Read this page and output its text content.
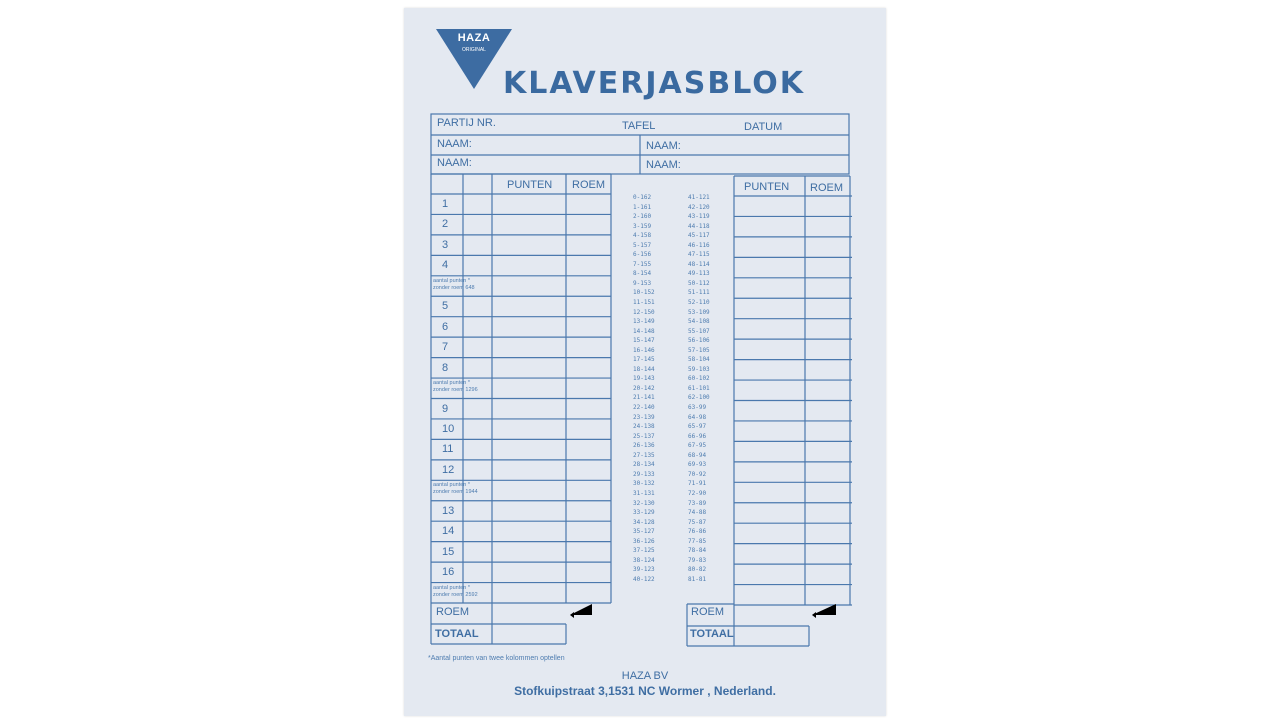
HAZA
ORIGINAL
KLAVERJASBLOK
PARTIJ NR.	TAFEL	DATUM
NAAM:	NAAM:
NAAM:	NAAM:
PUNTEN ROEM	PUNTEN ROEM
1
2
3
4
aantal punten *
zonder roem 648
5
6
7
8
aantal punten *
zonder roem 1296
9
10
11
12
aantal punten *
zonder roem 1944
13
14
15
16
aantal punten *
zonder roem 2592
0-162
1-161
2-160
3-159
4-158
5-157
6-156
7-155
8-154
9-153
10-152
11-151
12-150
13-149
14-148
15-147
16-146
17-145
18-144
19-143
20-142
21-141
22-140
23-139
24-138
25-137
26-136
27-135
28-134
29-133
30-132
31-131
32-130
33-129
34-128
35-127
36-126
37-125
38-124
39-123
40-122
41-121
42-120
43-119
44-118
45-117
46-116
47-115
48-114
49-113
50-112
51-111
52-110
53-109
54-108
55-107
56-106
57-105
58-104
59-103
60-102
61-101
62-100
63-99
64-98
65-97
66-96
67-95
68-94
69-93
70-92
71-91
72-90
73-89
74-88
75-87
76-86
77-85
78-84
79-83
80-82
81-81
ROEM
TOTAAL
ROEM
TOTAAL
*Aantal punten van twee kolommen optellen
HAZA BV
Stofkuipstraat 3,1531 NC Wormer , Nederland.
